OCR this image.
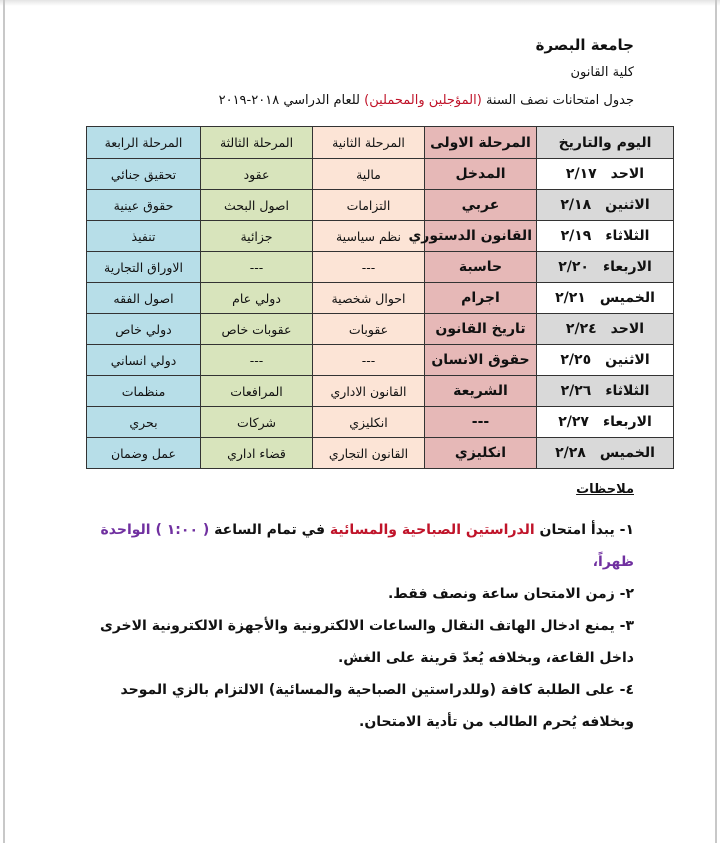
جامعة البصرة
كلية القانون
جدول امتحانات نصف السنة (المؤجلين والمحملين) للعام الدراسي ٢٠١٨-٢٠١٩
اليوم والتاريخ	المرحلة الاولى	المرحلة الثانية	المرحلة الثالثة	المرحلة الرابعة
الاحد٢/١٧	المدخل	مالية	عقود	تحقيق جنائي
الاثنين٢/١٨	عربي	التزامات	اصول البحث	حقوق عينية
الثلاثاء٢/١٩	القانون الدستوري	نظم سياسية	جزائية	تنفيذ
الاربعاء٢/٢٠	حاسبة	---	---	الاوراق التجارية
الخميس٢/٢١	اجرام	احوال شخصية	دولي عام	اصول الفقه
الاحد٢/٢٤	تاريخ القانون	عقوبات	عقوبات خاص	دولي خاص
الاثنين٢/٢٥	حقوق الانسان	---	---	دولي انساني
الثلاثاء٢/٢٦	الشريعة	القانون الاداري	المرافعات	منظمات
الاربعاء٢/٢٧	---	انكليزي	شركات	بحري
الخميس٢/٢٨	انكليزي	القانون التجاري	قضاء اداري	عمل وضمان
ملاحظات

١- يبدأ امتحان الدراستين الصباحية والمسائية في تمام الساعة ( ١:٠٠ ) الواحدة ظهراً،

٢- زمن الامتحان ساعة ونصف فقط.

٣- يمنع ادخال الهاتف النقال والساعات الالكترونية والأجهزة الالكترونية الاخرى داخل القاعة، وبخلافه يُعدّ قرينة على الغش.

٤- على الطلبة كافة (وللدراستين الصباحية والمسائية) الالتزام بالزي الموحد وبخلافه يُحرم الطالب من تأدية الامتحان.
